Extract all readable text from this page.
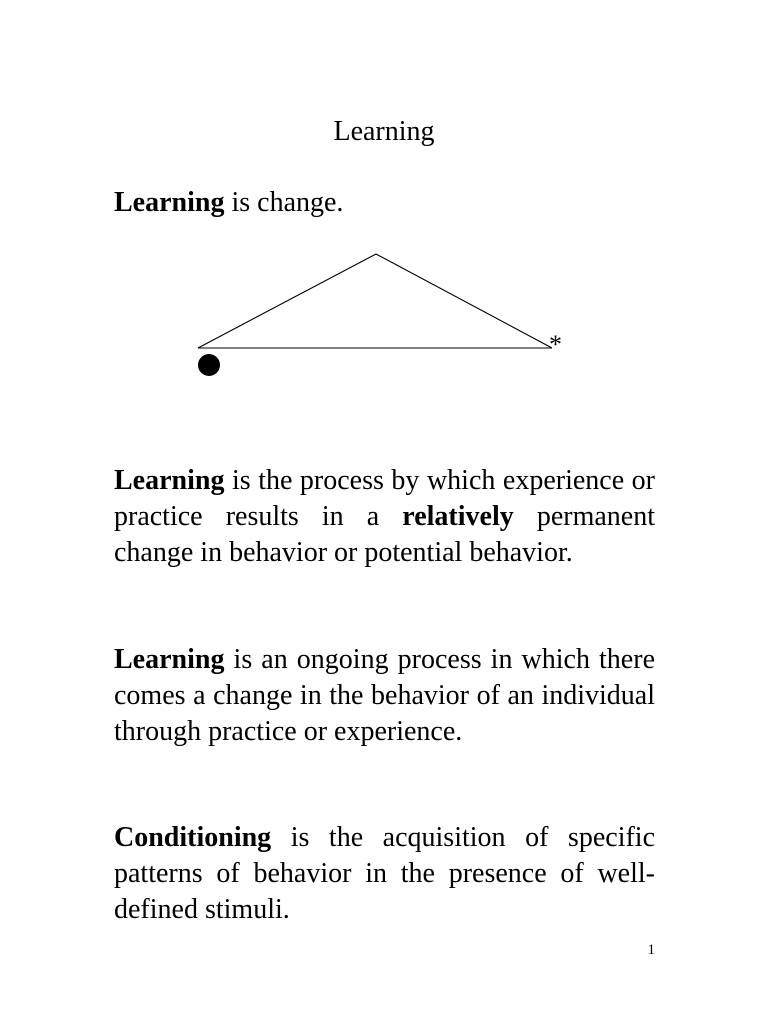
Learning

Learning is change.

*

Learning is the process by which experience or practice results in a relatively permanent change in behavior or potential behavior.

Learning is an ongoing process in which there comes a change in the behavior of an individual through practice or experience.

Conditioning is the acquisition of specific patterns of behavior in the presence of well-defined stimuli.

1
